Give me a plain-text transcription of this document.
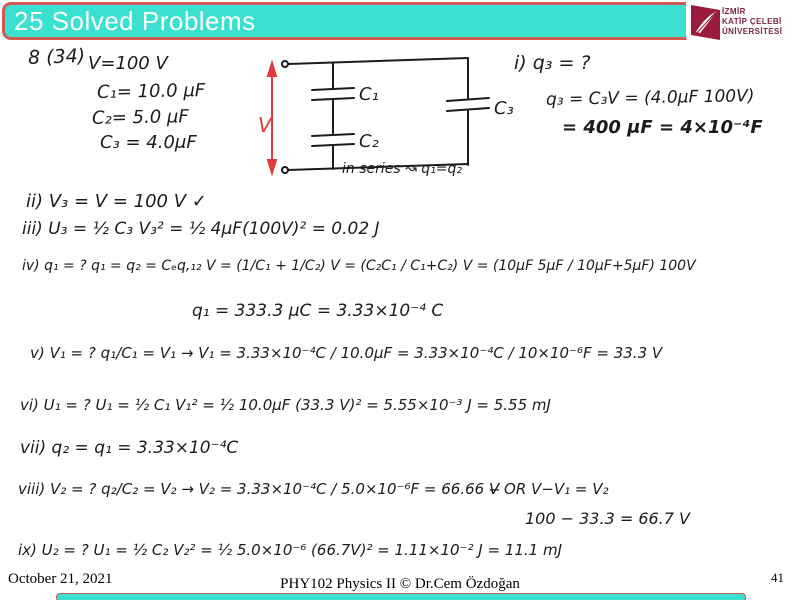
25 Solved Problems	İZMİR
KATİP ÇELEBİ
ÜNİVERSİTESİ
8 (34) V=100 V
C₁= 10.0 μF
C₂= 5.0 μF
C₃ = 4.0μF
V
C₁
C₂
C₃
in series ↝ q₁=q₂
i) q₃ = ?
q₃ = C₃V = (4.0μF 100V)
= 400 μF = 4×10⁻⁴F
ii) V₃ = V = 100 V ✓
iii) U₃ = ½ C₃ V₃² = ½ 4μF(100V)² = 0.02 J
iv) q₁ = ? q₁ = q₂ = Cₑq,₁₂ V = (1/C₁ + 1/C₂) V = (C₂C₁ / C₁+C₂) V = (10μF 5μF / 10μF+5μF) 100V
q₁ = 333.3 μC = 3.33×10⁻⁴ C
v) V₁ = ? q₁/C₁ = V₁ → V₁ = 3.33×10⁻⁴C / 10.0μF = 3.33×10⁻⁴C / 10×10⁻⁶F = 33.3 V
vi) U₁ = ? U₁ = ½ C₁ V₁² = ½ 10.0μF (33.3 V)² = 5.55×10⁻³ J = 5.55 mJ
vii) q₂ = q₁ = 3.33×10⁻⁴C
viii) V₂ = ? q₂/C₂ = V₂ → V₂ = 3.33×10⁻⁴C / 5.0×10⁻⁶F = 66.66 V̶ OR V−V₁ = V₂
100 − 33.3 = 66.7 V
ix) U₂ = ? U₁ = ½ C₂ V₂² = ½ 5.0×10⁻⁶ (66.7V)² = 1.11×10⁻² J = 11.1 mJ
October 21, 2021	PHY102 Physics II © Dr.Cem Özdoğan	41
